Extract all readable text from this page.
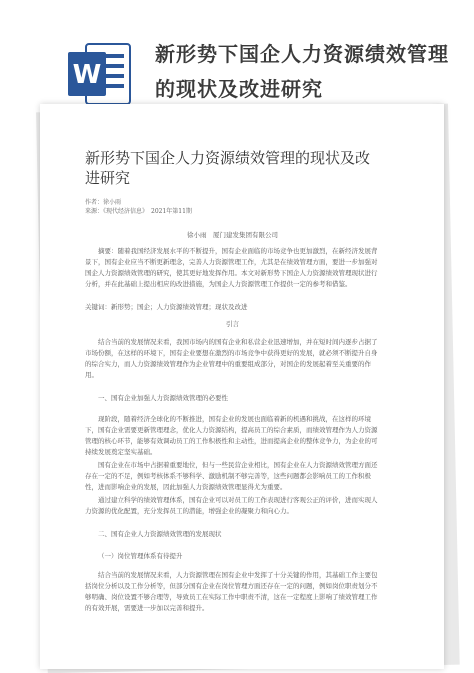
W
新形势下国企人力资源绩效管理的现状及改进研究
新形势下国企人力资源绩效管理的现状及改进研究
作者：徐小雨
来源：《现代经济信息》　2021年第11期
徐小雨　厦门建发集团有限公司

摘要：随着我国经济发展水平的不断提升，国有企业面临的市场竞争也更加激烈，在新经济发展背景下，国有企业应当不断更新理念，完善人力资源管理工作，尤其是在绩效管理方面，要进一步加强对国企人力资源绩效管理的研究，使其更好地发挥作用。本文对新形势下国企人力资源绩效管理现状进行分析，并在此基础上提出相应的改进措施，为国企人力资源管理工作提供一定的参考和借鉴。

关键词：新形势；国企；人力资源绩效管理；现状及改进
引言

结合当前的发展情况来看，我国市场内的国有企业和私营企业迅速增加，并在短时间内逐步占据了市场份额，在这样的环境下，国有企业要想在激烈的市场竞争中获得更好的发展，就必须不断提升自身的综合实力，而人力资源绩效管理作为企业管理中的重要组成部分，对国企的发展起着至关重要的作用。

一、国有企业加强人力资源绩效管理的必要性

现阶段，随着经济全球化的不断推进，国有企业的发展也面临着新的机遇和挑战，在这样的环境下，国有企业需要更新管理理念，优化人力资源结构，提高员工的综合素质，而绩效管理作为人力资源管理的核心环节，能够有效调动员工的工作积极性和主动性，进而提高企业的整体竞争力，为企业的可持续发展奠定坚实基础。

国有企业在市场中占据着重要地位，但与一些民营企业相比，国有企业在人力资源绩效管理方面还存在一定的不足，例如考核体系不够科学、激励机制不够完善等，这些问题都会影响员工的工作积极性，进而影响企业的发展，因此加强人力资源绩效管理显得尤为重要。

通过建立科学的绩效管理体系，国有企业可以对员工的工作表现进行客观公正的评价，进而实现人力资源的优化配置，充分发挥员工的潜能，增强企业的凝聚力和向心力。

二、国有企业人力资源绩效管理的发展现状
（一）岗位管理体系有待提升

结合当前的发展情况来看，人力资源管理在国有企业中发挥了十分关键的作用，其基础工作主要包括岗位分析以及工作分析等，但部分国有企业在岗位管理方面还存在一定的问题，例如岗位职责划分不够明确、岗位设置不够合理等，导致员工在实际工作中职责不清，这在一定程度上影响了绩效管理工作的有效开展，需要进一步加以完善和提升。
